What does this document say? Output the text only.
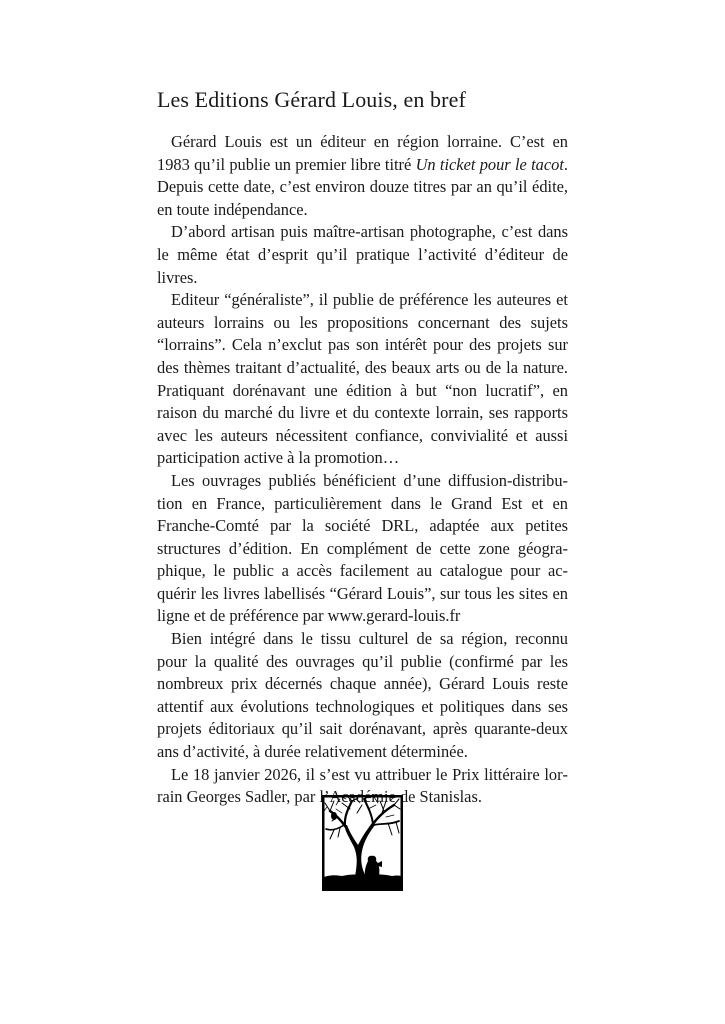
Les Editions Gérard Louis, en bref

Gérard Louis est un éditeur en région lorraine. C’est en 1983 qu’il publie un premier libre titré Un ticket pour le tacot. Depuis cette date, c’est environ douze titres par an qu’il édite, en toute indépendance.

D’abord artisan puis maître-artisan photographe, c’est dans le même état d’esprit qu’il pratique l’activité d’éditeur de livres.

Editeur “généraliste”, il publie de préférence les auteures et auteurs lorrains ou les propositions concernant des sujets “lorrains”. Cela n’exclut pas son intérêt pour des projets sur des thèmes traitant d’actualité, des beaux arts ou de la nature. Pratiquant dorénavant une édition à but “non lucratif”, en raison du marché du livre et du contexte lorrain, ses rapports avec les auteurs nécessitent confiance, convivialité et aussi participation active à la promotion…

Les ouvrages publiés bénéficient d’une diffusion-distribution en France, particulièrement dans le Grand Est et en Franche-Comté par la société DRL, adaptée aux petites structures d’édition. En complément de cette zone géographique, le public a accès facilement au catalogue pour acquérir les livres labellisés “Gérard Louis”, sur tous les sites en ligne et de préférence par www.gerard-louis.fr

Bien intégré dans le tissu culturel de sa région, reconnu pour la qualité des ouvrages qu’il publie (confirmé par les nombreux prix décernés chaque année), Gérard Louis reste attentif aux évolutions technologiques et politiques dans ses projets éditoriaux qu’il sait dorénavant, après quarante-deux ans d’activité, à durée relativement déterminée.

Le 18 janvier 2026, il s’est vu attribuer le Prix littéraire lorrain Georges Sadler, par l’Académie de Stanislas.
